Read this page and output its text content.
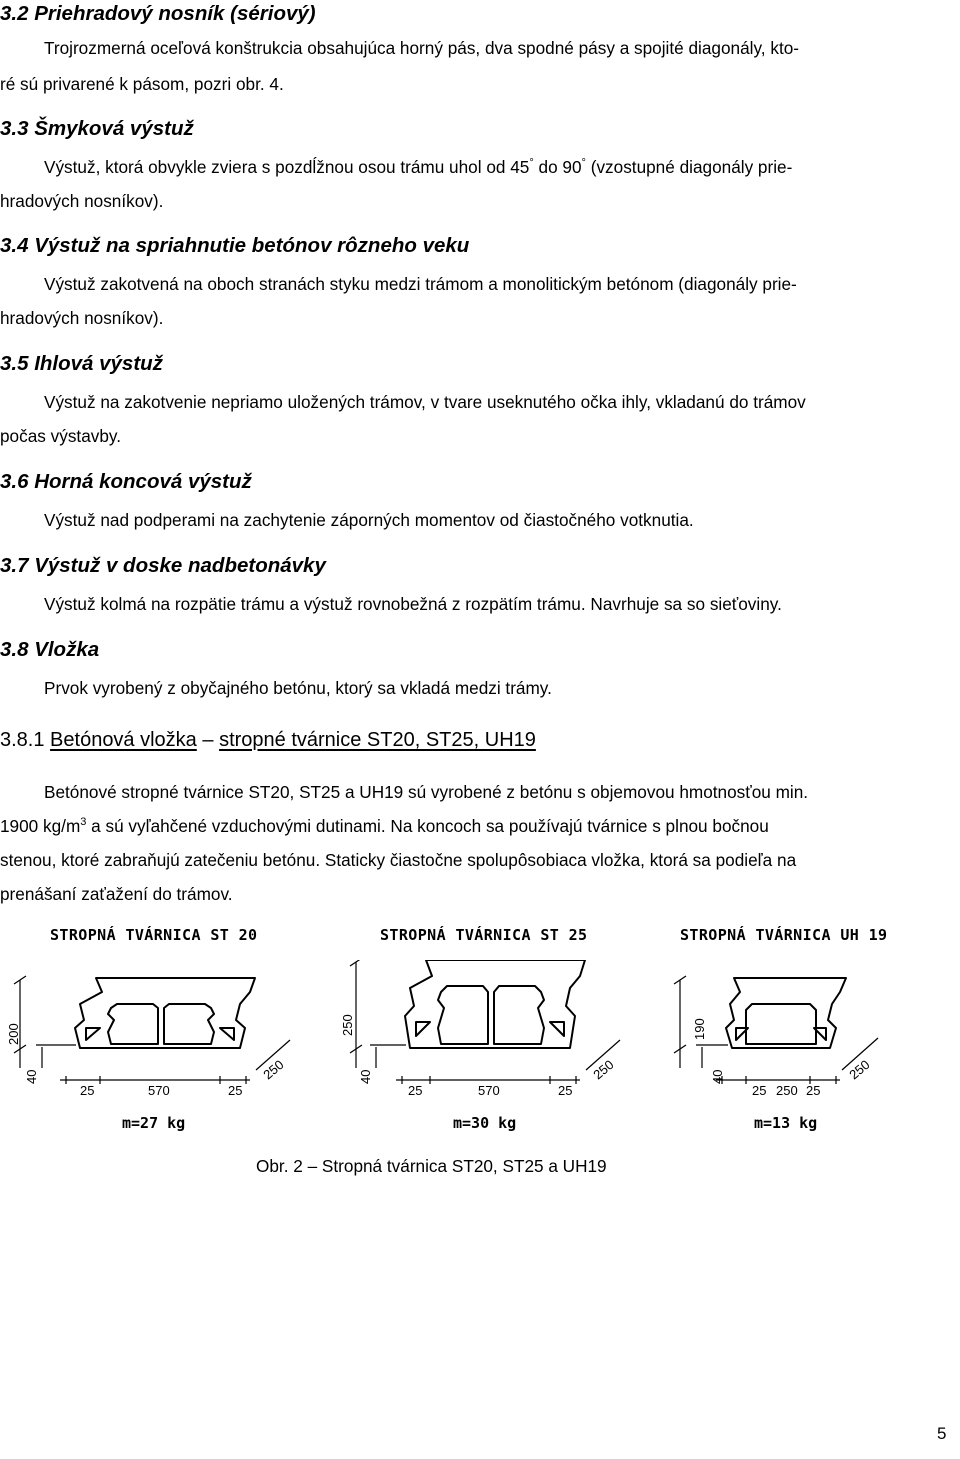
3.2 Priehradový nosník (sériový)
Trojrozmerná oceľová konštrukcia obsahujúca horný pás, dva spodné pásy a spojité diagonály, kto-
ré sú privarené k pásom, pozri obr. 4.
3.3 Šmyková výstuž
Výstuž, ktorá obvykle zviera s pozdĺžnou osou trámu uhol od 45° do 90° (vzostupné diagonály prie-
hradových nosníkov).
3.4 Výstuž na spriahnutie betónov rôzneho veku
Výstuž zakotvená na oboch stranách styku medzi trámom a monolitickým betónom (diagonály prie-
hradových nosníkov).
3.5 Ihlová výstuž
Výstuž na zakotvenie nepriamo uložených trámov, v tvare useknutého očka ihly, vkladanú do trámov
počas výstavby.
3.6 Horná koncová výstuž
Výstuž nad podperami na zachytenie záporných momentov od čiastočného votknutia.
3.7 Výstuž v doske nadbetonávky
Výstuž kolmá na rozpätie trámu a výstuž rovnobežná z rozpätím trámu. Navrhuje sa so sieťoviny.
3.8 Vložka
Prvok vyrobený z obyčajného betónu, ktorý sa vkladá medzi trámy.
3.8.1 Betónová vložka – stropné tvárnice ST20, ST25, UH19
Betónové stropné tvárnice ST20, ST25 a UH19 sú vyrobené z betónu s objemovou hmotnosťou min.
1900 $kg/m^3$ a sú vyľahčené vzduchovými dutinami. Na koncoch sa používajú tvárnice s plnou bočnou
stenou, ktoré zabraňujú zatečeniu betónu. Staticky čiastočne spolupôsobiaca vložka, ktorá sa podieľa na
prenášaní zaťažení do trámov.
STROPNÁ TVÁRNICA ST 20	STROPNÁ TVÁRNICA ST 25	STROPNÁ TVÁRNICA UH 19
200
40
25	570	25
250
250
40
25	570	25
250
190
40
25 250 25
250
m=27 kg	m=30 kg	m=13 kg
Obr. 2 – Stropná tvárnica ST20, ST25 a UH19
5
